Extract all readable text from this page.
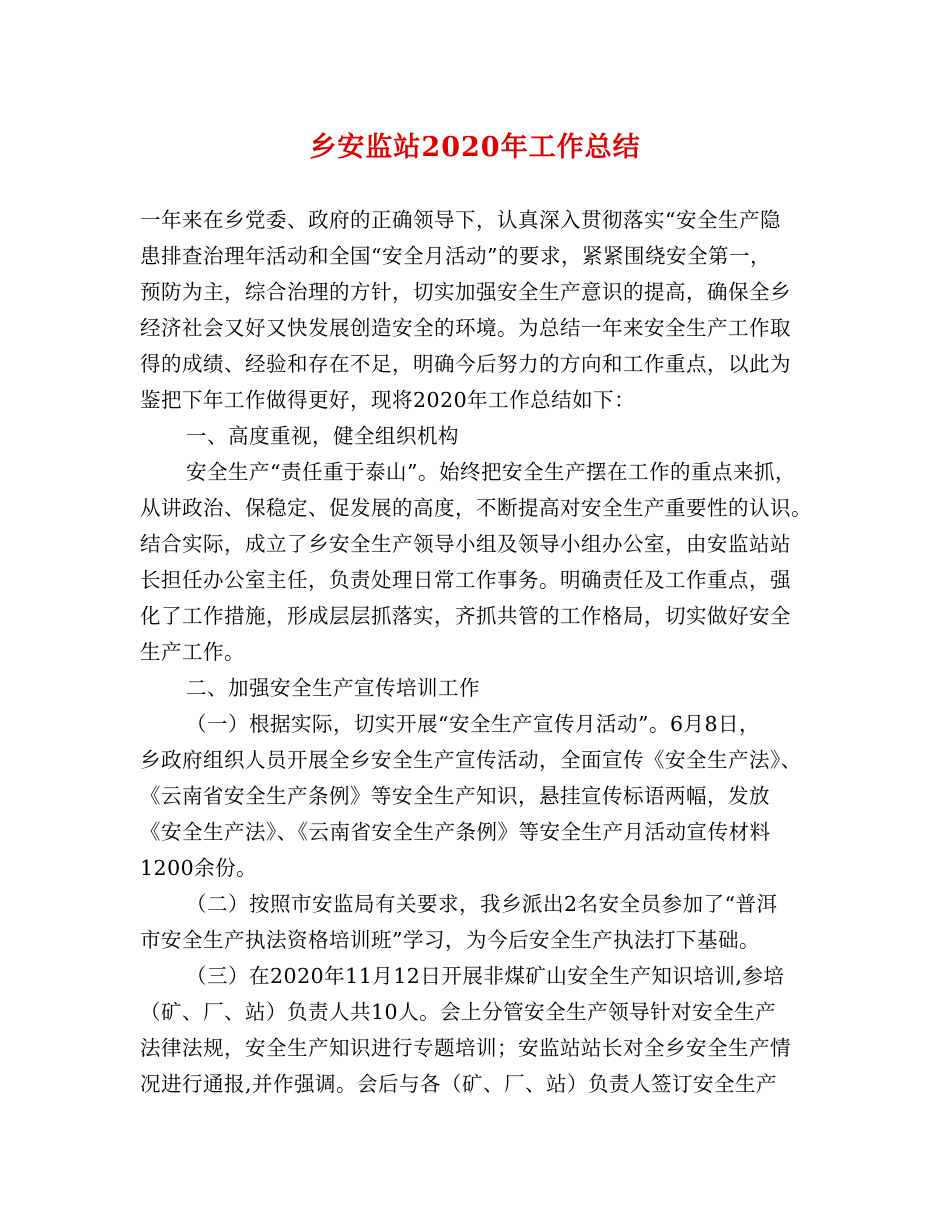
乡安监站2020年工作总结
一年来在乡党委、政府的正确领导下，认真深入贯彻落实“安全生产隐
患排查治理年活动和全国“安全月活动”的要求，紧紧围绕安全第一，
预防为主，综合治理的方针，切实加强安全生产意识的提高，确保全乡
经济社会又好又快发展创造安全的环境。为总结一年来安全生产工作取
得的成绩、经验和存在不足，明确今后努力的方向和工作重点，以此为
鉴把下年工作做得更好，现将2020年工作总结如下：
一、高度重视，健全组织机构
安全生产“责任重于泰山”。始终把安全生产摆在工作的重点来抓，
从讲政治、保稳定、促发展的高度，不断提高对安全生产重要性的认识。
结合实际，成立了乡安全生产领导小组及领导小组办公室，由安监站站
长担任办公室主任，负责处理日常工作事务。明确责任及工作重点，强
化了工作措施，形成层层抓落实，齐抓共管的工作格局，切实做好安全
生产工作。
二、加强安全生产宣传培训工作
（一）根据实际，切实开展“安全生产宣传月活动”。6月8日，
乡政府组织人员开展全乡安全生产宣传活动，全面宣传《安全生产法》、
《云南省安全生产条例》等安全生产知识，悬挂宣传标语两幅，发放
《安全生产法》、《云南省安全生产条例》等安全生产月活动宣传材料
1200余份。
（二）按照市安监局有关要求，我乡派出2名安全员参加了“普洱
市安全生产执法资格培训班”学习，为今后安全生产执法打下基础。
（三）在2020年11月12日开展非煤矿山安全生产知识培训,参培
（矿、厂、站）负责人共10人。会上分管安全生产领导针对安全生产
法律法规，安全生产知识进行专题培训；安监站站长对全乡安全生产情
况进行通报,并作强调。会后与各（矿、厂、站）负责人签订安全生产
